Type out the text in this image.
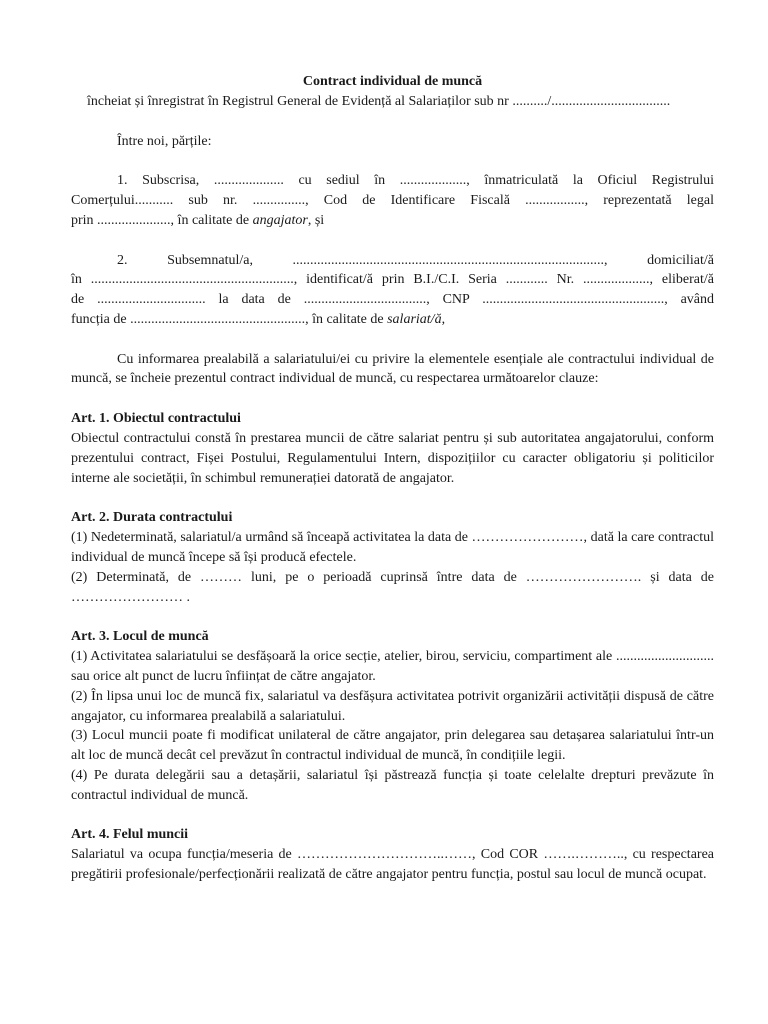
Contract individual de muncă
încheiat și înregistrat în Registrul General de Evidență al Salariaților sub nr ........../..................................

Între noi, părțile:

1. Subscrisa, .................... cu sediul în ..................., înmatriculată la Oficiul Registrului

Comerțului........... sub nr. ..............., Cod de Identificare Fiscală ................., reprezentată legal

prin ....................., în calitate de angajator, și

2. Subsemnatul/a, ........................................................................................., domiciliat/ă

în .........................................................., identificat/ă prin B.I./C.I. Seria ............ Nr. ..................., eliberat/ă

de ............................... la data de ..................................., CNP ...................................................., având

funcția de .................................................., în calitate de salariat/ă,

Cu informarea prealabilă a salariatului/ei cu privire la elementele esențiale ale contractului individual de muncă, se încheie prezentul contract individual de muncă, cu respectarea următoarelor clauze:

Art. 1. Obiectul contractului

Obiectul contractului constă în prestarea muncii de către salariat pentru și sub autoritatea angajatorului, conform prezentului contract, Fișei Postului, Regulamentului Intern, dispozițiilor cu caracter obligatoriu și politicilor interne ale societății, în schimbul remunerației datorată de angajator.

Art. 2. Durata contractului

(1) Nedeterminată, salariatul/a urmând să înceapă activitatea la data de ……………………, dată la care contractul individual de muncă începe să își producă efectele.

(2) Determinată, de ……… luni, pe o perioadă cuprinsă între data de ……………………. și data de …………………… .

Art. 3. Locul de muncă

(1) Activitatea salariatului se desfășoară la orice secție, atelier, birou, serviciu, compartiment ale ............................ sau orice alt punct de lucru înființat de către angajator.

(2) În lipsa unui loc de muncă fix, salariatul va desfășura activitatea potrivit organizării activității dispusă de către angajator, cu informarea prealabilă a salariatului.

(3) Locul muncii poate fi modificat unilateral de către angajator, prin delegarea sau detașarea salariatului într-un alt loc de muncă decât cel prevăzut în contractul individual de muncă, în condițiile legii.

(4) Pe durata delegării sau a detașării, salariatul își păstrează funcția și toate celelalte drepturi prevăzute în contractul individual de muncă.

Art. 4. Felul muncii

Salariatul va ocupa funcția/meseria de …………………………..……, Cod COR …….……….., cu respectarea pregătirii profesionale/perfecționării realizată de către angajator pentru funcția, postul sau locul de muncă ocupat.
